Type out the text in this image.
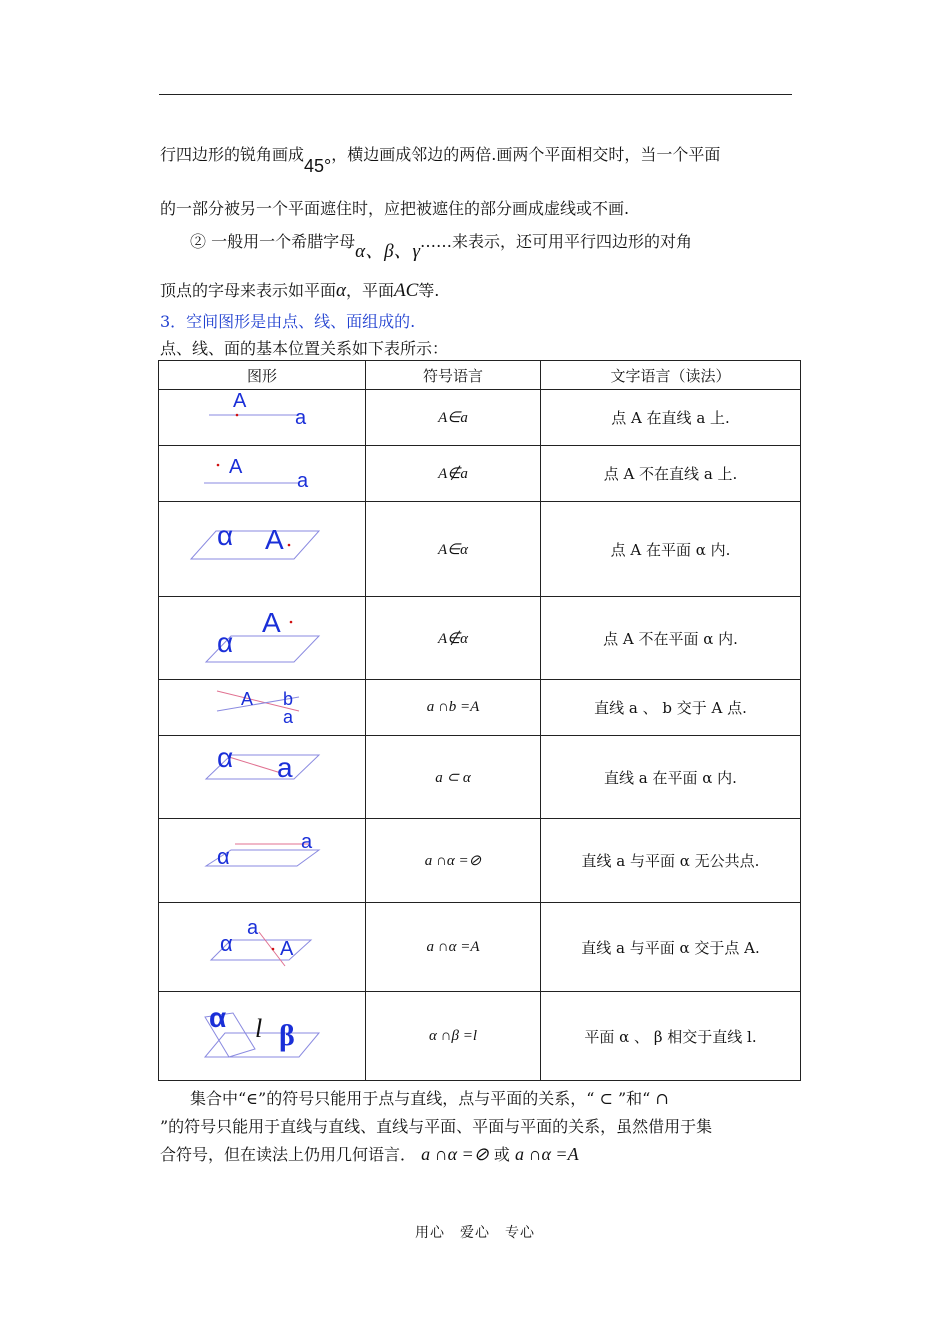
行四边形的锐角画成45°，横边画成邻边的两倍.画两个平面相交时，当一个平面
的一部分被另一个平面遮住时，应把被遮住的部分画成虚线或不画.
② 一般用一个希腊字母α、β、γ……来表示，还可用平行四边形的对角
顶点的字母来表示如平面α，平面AC等.
3．空间图形是由点、线、面组成的.
点、线、面的基本位置关系如下表所示：
图形	符号语言	文字语言（读法）

A
a	A∈a	点 A 在直线 a 上.

A
a	A∉a	点 A 不在直线 a 上.

α A	A∈α	点 A 在平面 α 内.

A
α	A∉α	点 A 不在平面 α 内.

A b
a	a ∩b =A	直线 a 、 b 交于 A 点.

α a	a ⊂ α	直线 a 在平面 α 内.

a
α	a ∩α =⊘	直线 a 与平面 α 无公共点.

a
α A	a ∩α =A	直线 a 与平面 α 交于点 A.

α l β	α ∩β =l	平面 α 、 β 相交于直线 l.
集合中“∈”的符号只能用于点与直线，点与平面的关系，“ ⊂ ”和“ ∩
”的符号只能用于直线与直线、直线与平面、平面与平面的关系，虽然借用于集
合符号，但在读法上仍用几何语言． a ∩α =⊘ 或 a ∩α =A
用心　爱心　专心
